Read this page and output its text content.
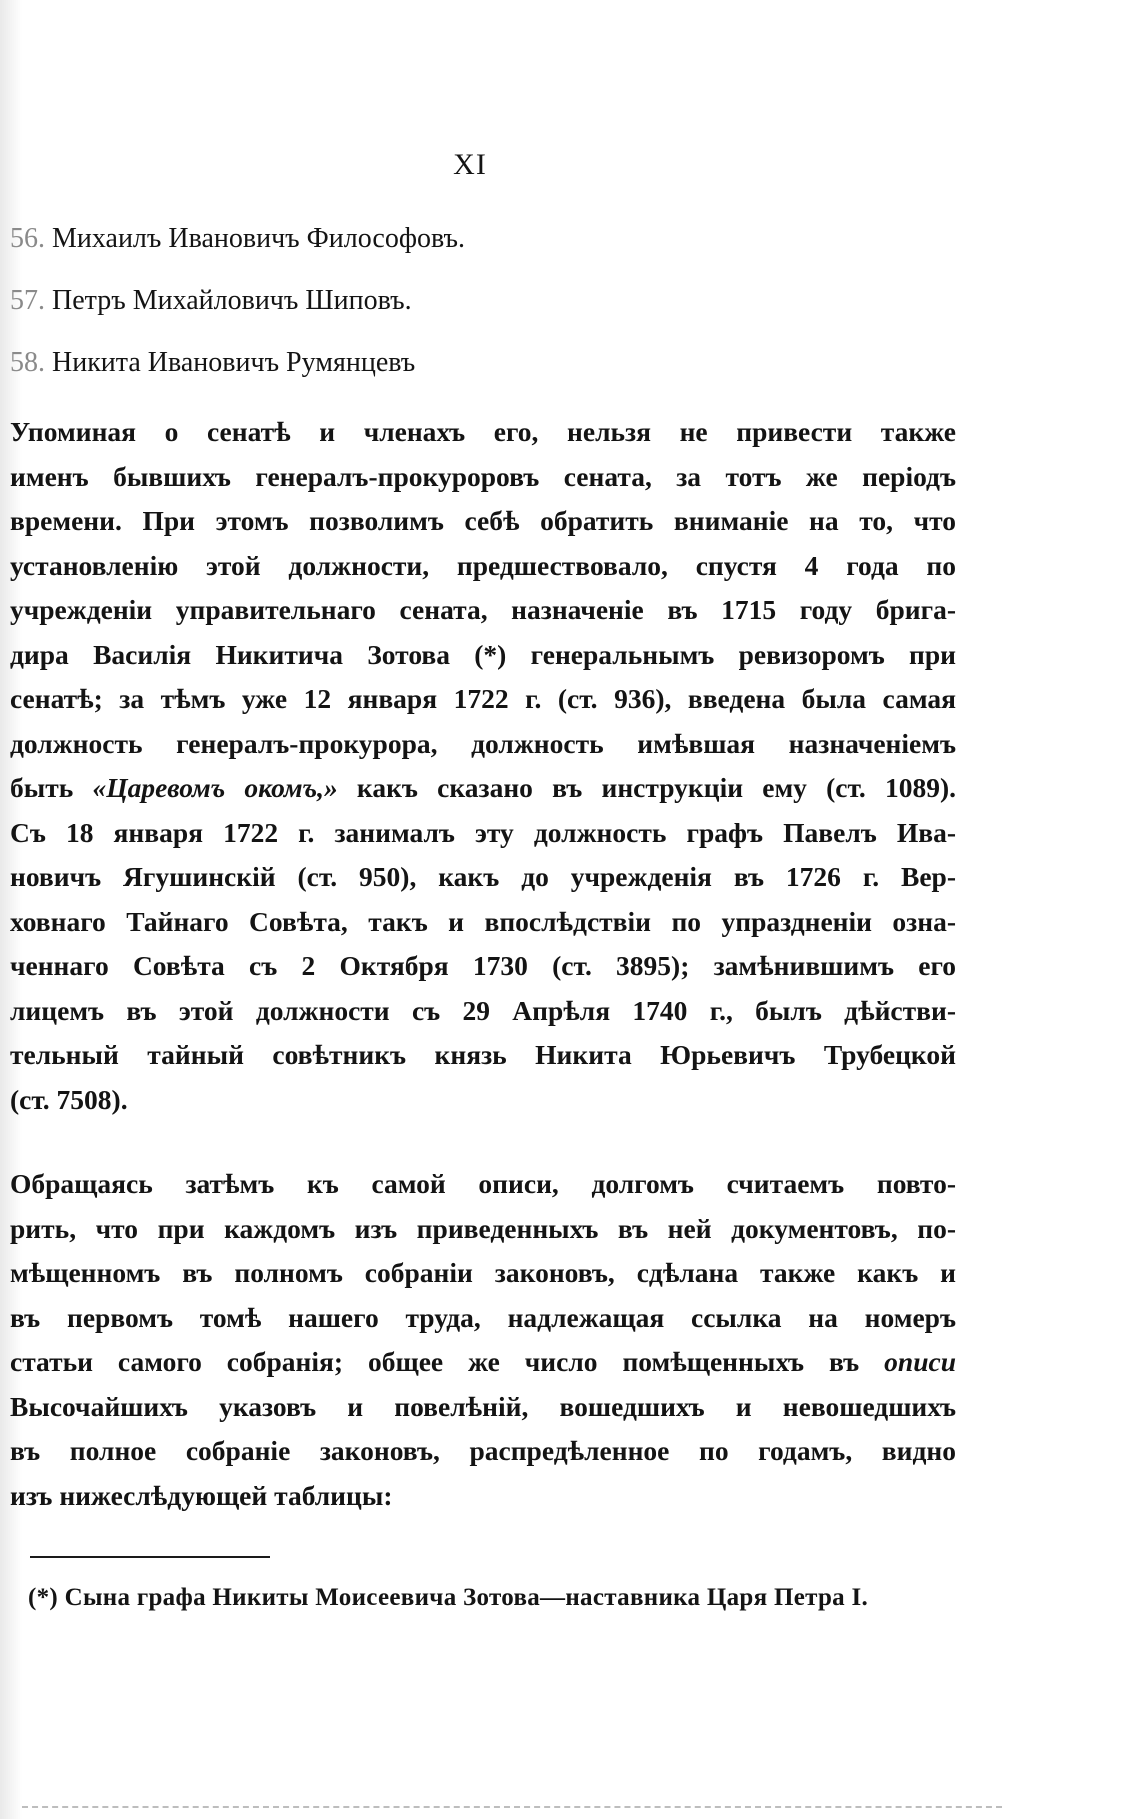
XI
56. Михаилъ Ивановичъ Философовъ.
57. Петръ Михайловичъ Шиповъ.
58. Никита Ивановичъ Румянцевъ
Упоминая о сенатѣ и членахъ его, нельзя не привести также
именъ бывшихъ генералъ-прокуроровъ сената, за тотъ же періодъ
времени. При этомъ позволимъ себѣ обратить вниманіе на то, что
установленію этой должности, предшествовало, спустя 4 года по
учрежденіи управительнаго сената, назначеніе въ 1715 году брига-
дира Василія Никитича Зотова (*) генеральнымъ ревизоромъ при
сенатѣ; за тѣмъ уже 12 января 1722 г. (ст. 936), введена была самая
должность генералъ-прокурора, должность имѣвшая назначеніемъ
быть «Царевомъ окомъ,» какъ сказано въ инструкціи ему (ст. 1089).
Съ 18 января 1722 г. занималъ эту должность графъ Павелъ Ива-
новичъ Ягушинскій (ст. 950), какъ до учрежденія въ 1726 г. Вер-
ховнаго Тайнаго Совѣта, такъ и впослѣдствіи по упраздненіи озна-
ченнаго Совѣта съ 2 Октября 1730 (ст. 3895); замѣнившимъ его
лицемъ въ этой должности съ 29 Апрѣля 1740 г., былъ дѣйстви-
тельный тайный совѣтникъ князь Никита Юрьевичъ Трубецкой
(ст. 7508).
Обращаясь затѣмъ къ самой описи, долгомъ считаемъ повто-
рить, что при каждомъ изъ приведенныхъ въ ней документовъ, по-
мѣщенномъ въ полномъ собраніи законовъ, сдѣлана также какъ и
въ первомъ томѣ нашего труда, надлежащая ссылка на номеръ
статьи самого собранія; общее же число помѣщенныхъ въ описи
Высочайшихъ указовъ и повелѣній, вошедшихъ и невошедшихъ
въ полное собраніе законовъ, распредѣленное по годамъ, видно
изъ нижеслѣдующей таблицы:
(*) Сына графа Никиты Моисеевича Зотова—наставника Царя Петра I.
